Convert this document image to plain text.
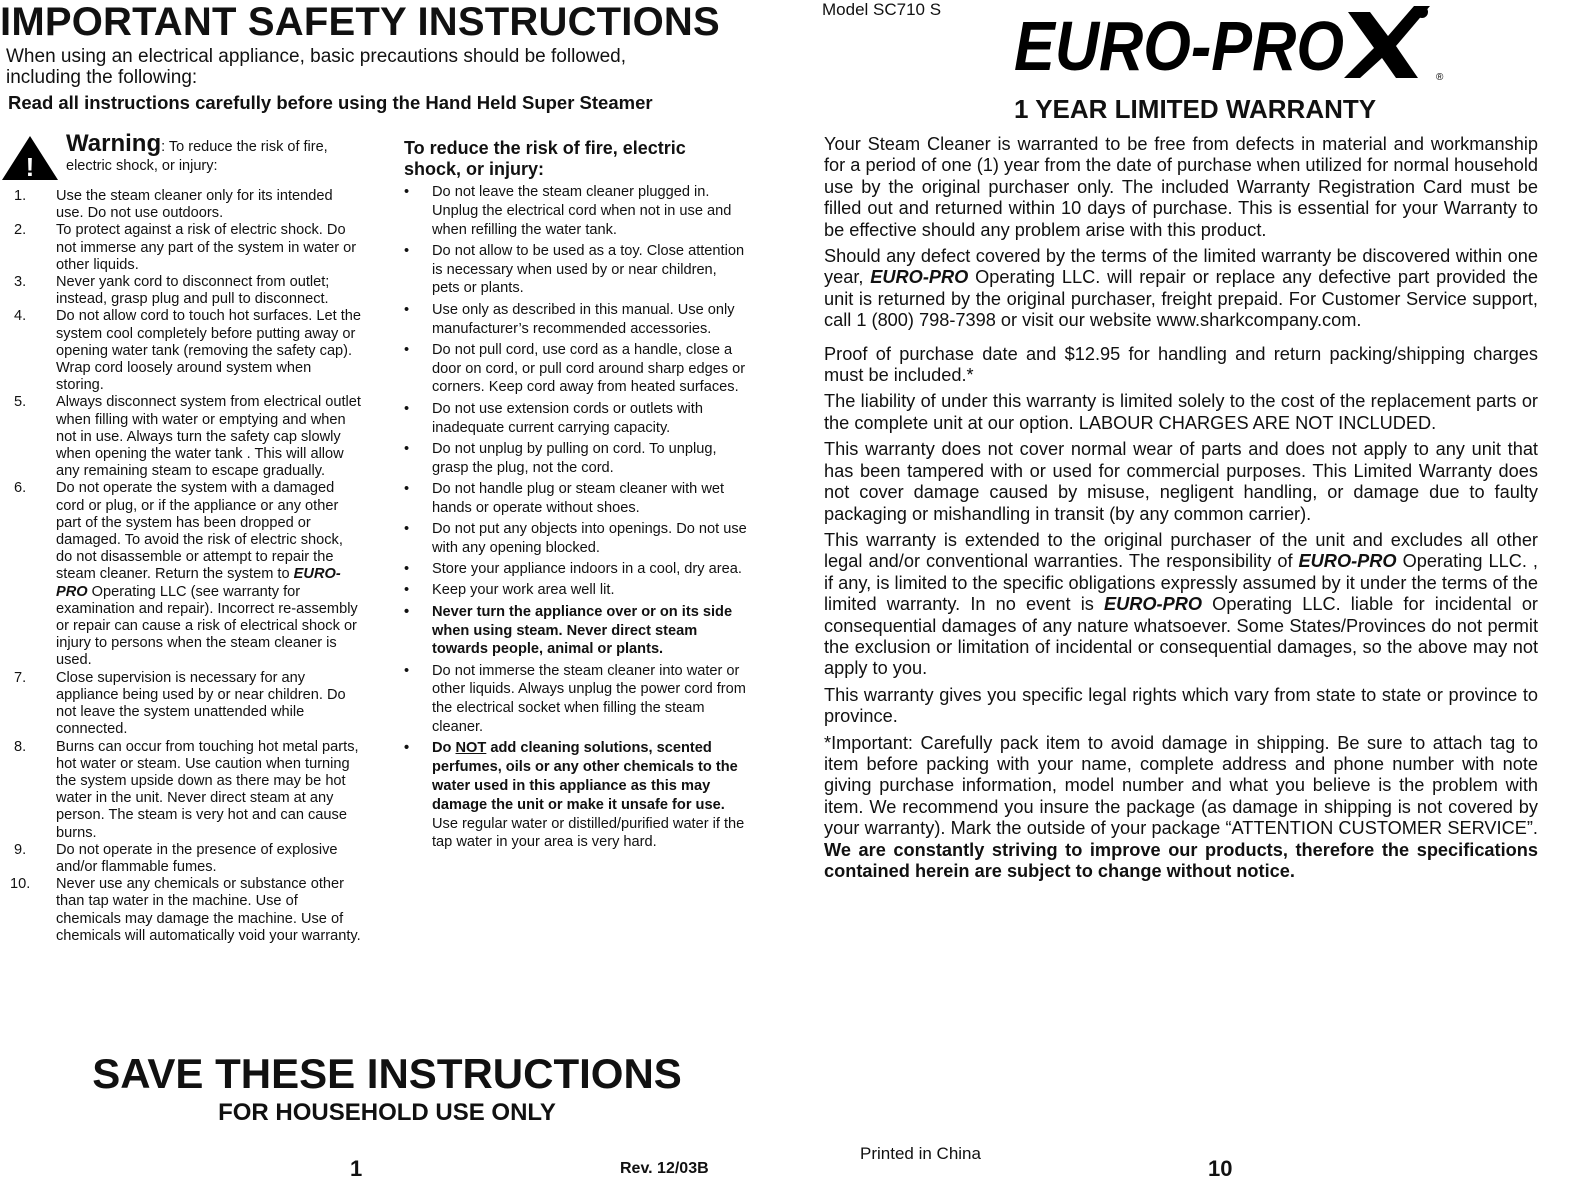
IMPORTANT SAFETY INSTRUCTIONS
When using an electrical appliance, basic precautions should be followed,
including the following:
Read all instructions carefully before using the Hand Held Super Steamer
!
Warning: To reduce the risk of fire, electric shock, or injury:
1.	Use the steam cleaner only for its intended use. Do not use outdoors.
2.	To protect against a risk of electric shock. Do not immerse any part of the system in water or other liquids.
3.	Never yank cord to disconnect from outlet; instead, grasp plug and pull to disconnect.
4.	Do not allow cord to touch hot surfaces. Let the system cool completely before putting away or opening water tank (removing the safety cap). Wrap cord loosely around system when storing.
5.	Always disconnect system from electrical outlet when filling with water or emptying and when not in use. Always turn the safety cap slowly when opening the water tank . This will allow any remaining steam to escape gradually.
6.	Do not operate the system with a damaged cord or plug, or if the appliance or any other part of the system has been dropped or damaged. To avoid the risk of electric shock, do not disassemble or attempt to repair the steam cleaner. Return the system to EURO-PRO Operating LLC (see warranty for examination and repair). Incorrect re-assembly or repair can cause a risk of electrical shock or injury to persons when the steam cleaner is used.
7.	Close supervision is necessary for any appliance being used by or near children. Do not leave the system unattended while connected.
8.	Burns can occur from touching hot metal parts, hot water or steam. Use caution when turning the system upside down as there may be hot water in the unit. Never direct steam at any person. The steam is very hot and can cause burns.
9.	Do not operate in the presence of explosive and/or flammable fumes.
10.	Never use any chemicals or substance other than tap water in the machine. Use of chemicals may damage the machine. Use of chemicals will automatically void your warranty.
To reduce the risk of fire, electric shock, or injury:
• Do not leave the steam cleaner plugged in. Unplug the electrical cord when not in use and when refilling the water tank.
• Do not allow to be used as a toy. Close attention is necessary when used by or near children, pets or plants.
• Use only as described in this manual. Use only manufacturer’s recommended accessories.
• Do not pull cord, use cord as a handle, close a door on cord, or pull cord around sharp edges or corners. Keep cord away from heated surfaces.
• Do not use extension cords or outlets with inadequate current carrying capacity.
• Do not unplug by pulling on cord. To unplug, grasp the plug, not the cord.
• Do not handle plug or steam cleaner with wet hands or operate without shoes.
• Do not put any objects into openings. Do not use with any opening blocked.
• Store your appliance indoors in a cool, dry area.
• Keep your work area well lit.
• Never turn the appliance over or on its side when using steam. Never direct steam towards people, animal or plants.
• Do not immerse the steam cleaner into water or other liquids. Always unplug the power cord from the electrical socket when filling the steam cleaner.
• Do NOT add cleaning solutions, scented perfumes, oils or any other chemicals to the water used in this appliance as this may damage the unit or make it unsafe for use. Use regular water or distilled/purified water if the tap water in your area is very hard.
SAVE THESE INSTRUCTIONS
FOR HOUSEHOLD USE ONLY
1	Rev. 12/03B
Model SC710 S EURO-PRO	®
1 YEAR LIMITED WARRANTY

Your Steam Cleaner is warranted to be free from defects in material and workmanship for a period of one (1) year from the date of purchase when utilized for normal household use by the original purchaser only. The included Warranty Registration Card must be filled out and returned within 10 days of purchase. This is essential for your Warranty to be effective should any problem arise with this product.

Should any defect covered by the terms of the limited warranty be discovered within one year, EURO-PRO Operating LLC. will repair or replace any defective part provided the unit is returned by the original purchaser, freight prepaid. For Customer Service support, call 1 (800) 798-7398 or visit our website www.sharkcompany.com.

Proof of purchase date and $12.95 for handling and return packing/shipping charges must be included.*

The liability of under this warranty is limited solely to the cost of the replacement parts or the complete unit at our option. LABOUR CHARGES ARE NOT INCLUDED.

This warranty does not cover normal wear of parts and does not apply to any unit that has been tampered with or used for commercial purposes. This Limited Warranty does not cover damage caused by misuse, negligent handling, or damage due to faulty packaging or mishandling in transit (by any common carrier).

This warranty is extended to the original purchaser of the unit and excludes all other legal and/or conventional warranties. The responsibility of EURO-PRO Operating LLC. , if any, is limited to the specific obligations expressly assumed by it under the terms of the limited warranty. In no event is EURO-PRO Operating LLC. liable for incidental or consequential damages of any nature whatsoever. Some States/Provinces do not permit the exclusion or limitation of incidental or consequential damages, so the above may not apply to you.

This warranty gives you specific legal rights which vary from state to state or province to province.

*Important: Carefully pack item to avoid damage in shipping. Be sure to attach tag to item before packing with your name, complete address and phone number with note giving purchase information, model number and what you believe is the problem with item. We recommend you insure the package (as damage in shipping is not covered by your warranty). Mark the outside of your package “ATTENTION CUSTOMER SERVICE”. We are constantly striving to improve our products, therefore the specifications contained herein are subject to change without notice.

Printed in China
10
